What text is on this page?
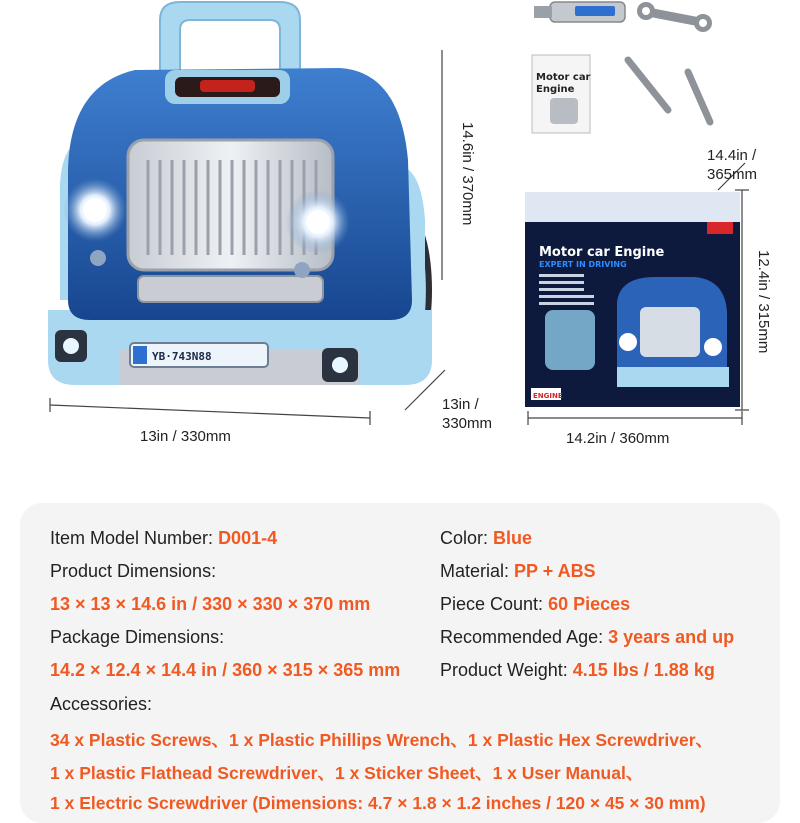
YB·743N88
13in / 330mm
13in /
330mm
14.6in / 370mm
Motor car
Engine
14.4in /
365mm
Motor car Engine
EXPERT IN DRIVING
ENGINE
12.4in / 315mm
14.2in / 360mm
Item Model Number: D001-4	Color: Blue
Product Dimensions:	Material: PP + ABS
13 × 13 × 14.6 in / 330 × 330 × 370 mm	Piece Count: 60 Pieces
Package Dimensions:	Recommended Age: 3 years and up
14.2 × 12.4 × 14.4 in / 360 × 315 × 365 mm Product Weight: 4.15 lbs / 1.88 kg
Accessories:
34 x Plastic Screws、1 x Plastic Phillips Wrench、1 x Plastic Hex Screwdriver、
1 x Plastic Flathead Screwdriver、1 x Sticker Sheet、1 x User Manual、
1 x Electric Screwdriver (Dimensions: 4.7 × 1.8 × 1.2 inches / 120 × 45 × 30 mm)
